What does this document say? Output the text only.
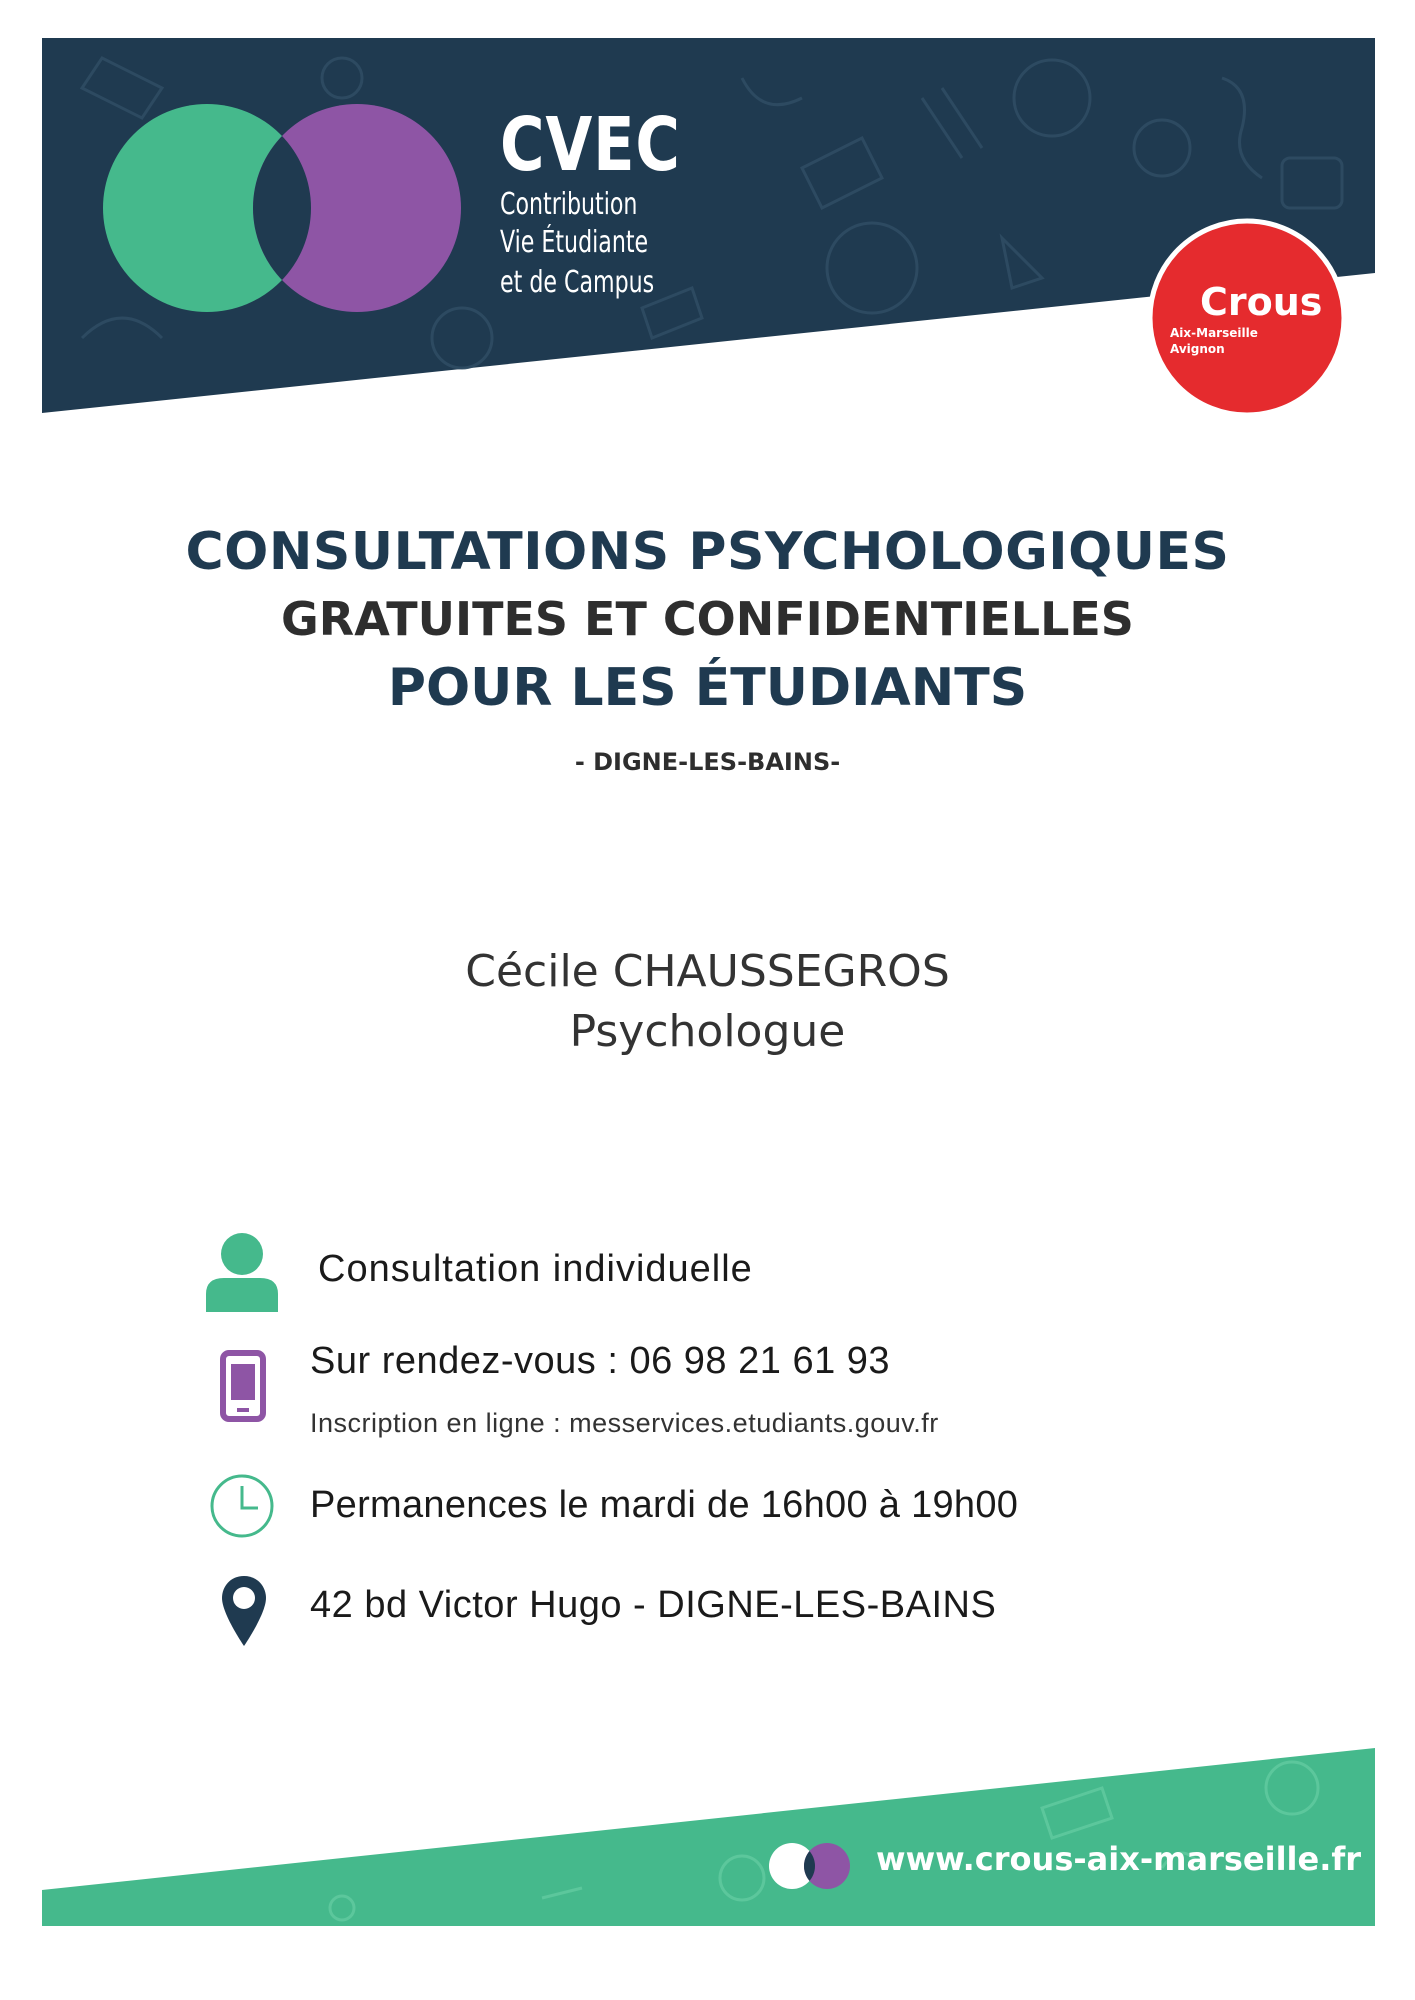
CVEC
Contribution
Vie Étudiante
et de Campus	Crous
Aix-Marseille
Avignon
CONSULTATIONS PSYCHOLOGIQUES
GRATUITES ET CONFIDENTIELLES
POUR LES ÉTUDIANTS
- DIGNE-LES-BAINS-
Cécile CHAUSSEGROS
Psychologue
Consultation individuelle
Sur rendez-vous : 06 98 21 61 93
Inscription en ligne : messervices.etudiants.gouv.fr
Permanences le mardi de 16h00 à 19h00
42 bd Victor Hugo - DIGNE-LES-BAINS
www.crous-aix-marseille.fr
